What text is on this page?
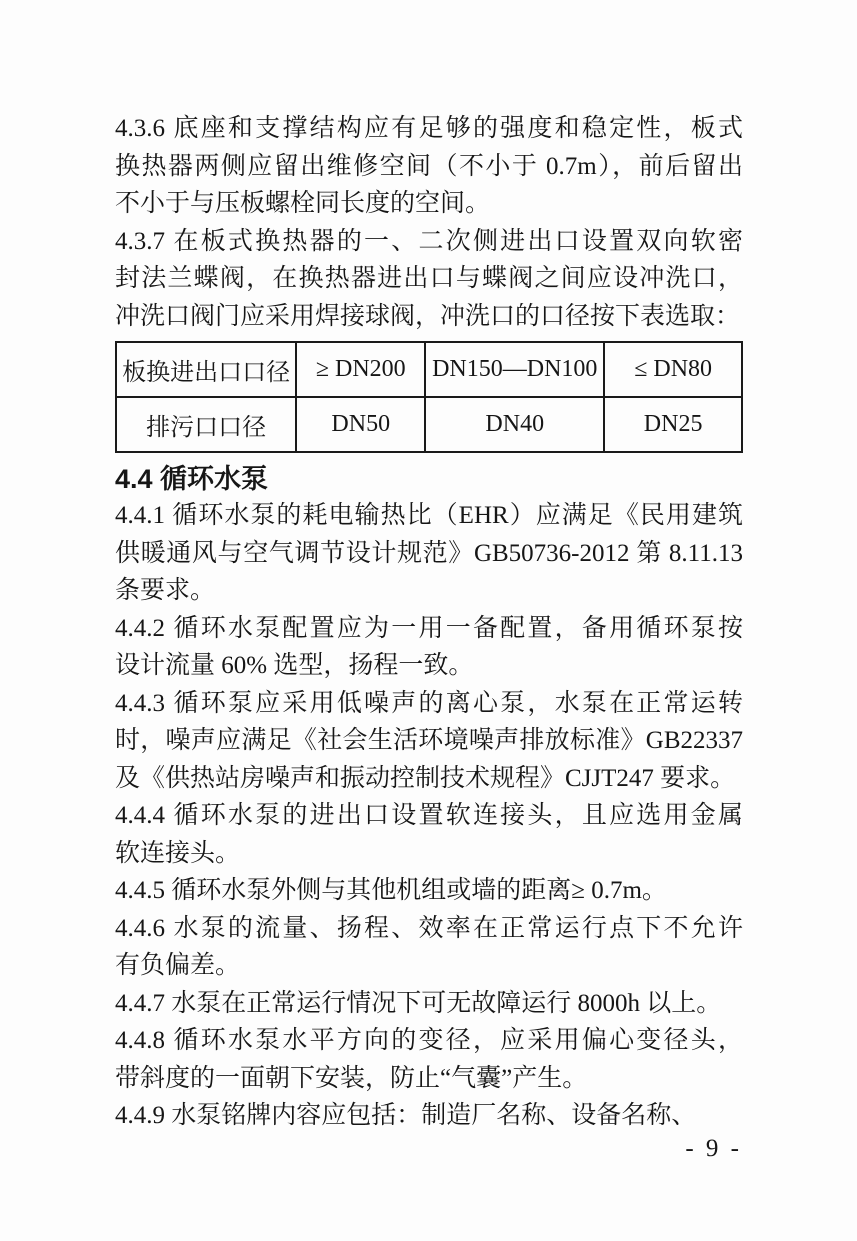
4.3.6 底座和支撑结构应有足够的强度和稳定性，板式
换热器两侧应留出维修空间（不小于 0.7m），前后留出
不小于与压板螺栓同长度的空间。
4.3.7 在板式换热器的一、二次侧进出口设置双向软密
封法兰蝶阀，在换热器进出口与蝶阀之间应设冲洗口，
冲洗口阀门应采用焊接球阀，冲洗口的口径按下表选取：
板换进出口口径	≥ DN200	DN150—DN100	≤ DN80
排污口口径	DN50	DN40	DN25
4.4 循环水泵
4.4.1 循环水泵的耗电输热比（EHR）应满足《民用建筑
供暖通风与空气调节设计规范》GB50736-2012 第 8.11.13
条要求。
4.4.2 循环水泵配置应为一用一备配置，备用循环泵按
设计流量 60% 选型，扬程一致。
4.4.3 循环泵应采用低噪声的离心泵，水泵在正常运转
时，噪声应满足《社会生活环境噪声排放标准》GB22337
及《供热站房噪声和振动控制技术规程》CJJT247 要求。
4.4.4 循环水泵的进出口设置软连接头，且应选用金属
软连接头。
4.4.5 循环水泵外侧与其他机组或墙的距离≥ 0.7m。
4.4.6 水泵的流量、扬程、效率在正常运行点下不允许
有负偏差。
4.4.7 水泵在正常运行情况下可无故障运行 8000h 以上。
4.4.8 循环水泵水平方向的变径，应采用偏心变径头，
带斜度的一面朝下安装，防止“气囊”产生。
4.4.9 水泵铭牌内容应包括：制造厂名称、设备名称、
- 9 -
